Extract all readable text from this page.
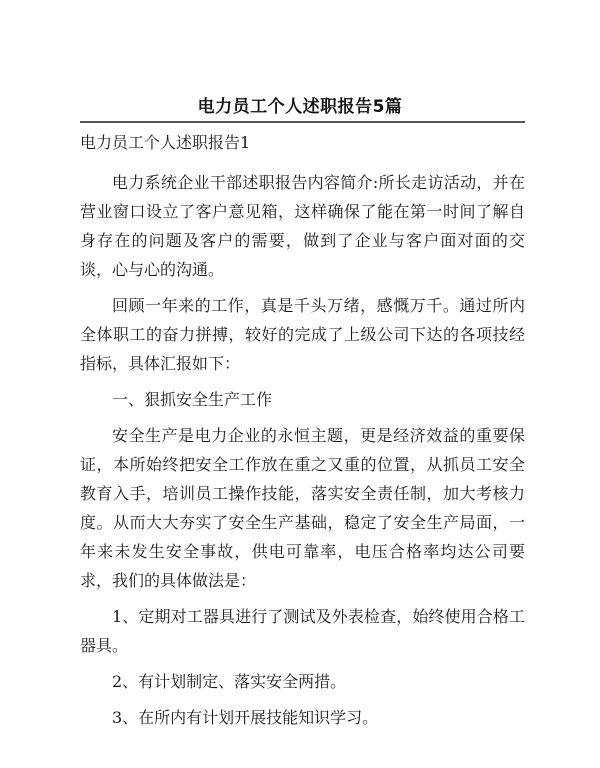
电力员工个人述职报告5篇

电力员工个人述职报告1

电力系统企业干部述职报告内容简介:所长走访活动，并在营业窗口设立了客户意见箱，这样确保了能在第一时间了解自身存在的问题及客户的需要，做到了企业与客户面对面的交谈，心与心的沟通。

回顾一年来的工作，真是千头万绪，感慨万千。通过所内全体职工的奋力拼搏，较好的完成了上级公司下达的各项技经指标，具体汇报如下：

一、狠抓安全生产工作

安全生产是电力企业的永恒主题，更是经济效益的重要保证，本所始终把安全工作放在重之又重的位置，从抓员工安全教育入手，培训员工操作技能，落实安全责任制，加大考核力度。从而大大夯实了安全生产基础，稳定了安全生产局面，一年来未发生安全事故，供电可靠率，电压合格率均达公司要求，我们的具体做法是：

1、定期对工器具进行了测试及外表检查，始终使用合格工器具。

2、有计划制定、落实安全两措。

3、在所内有计划开展技能知识学习。
